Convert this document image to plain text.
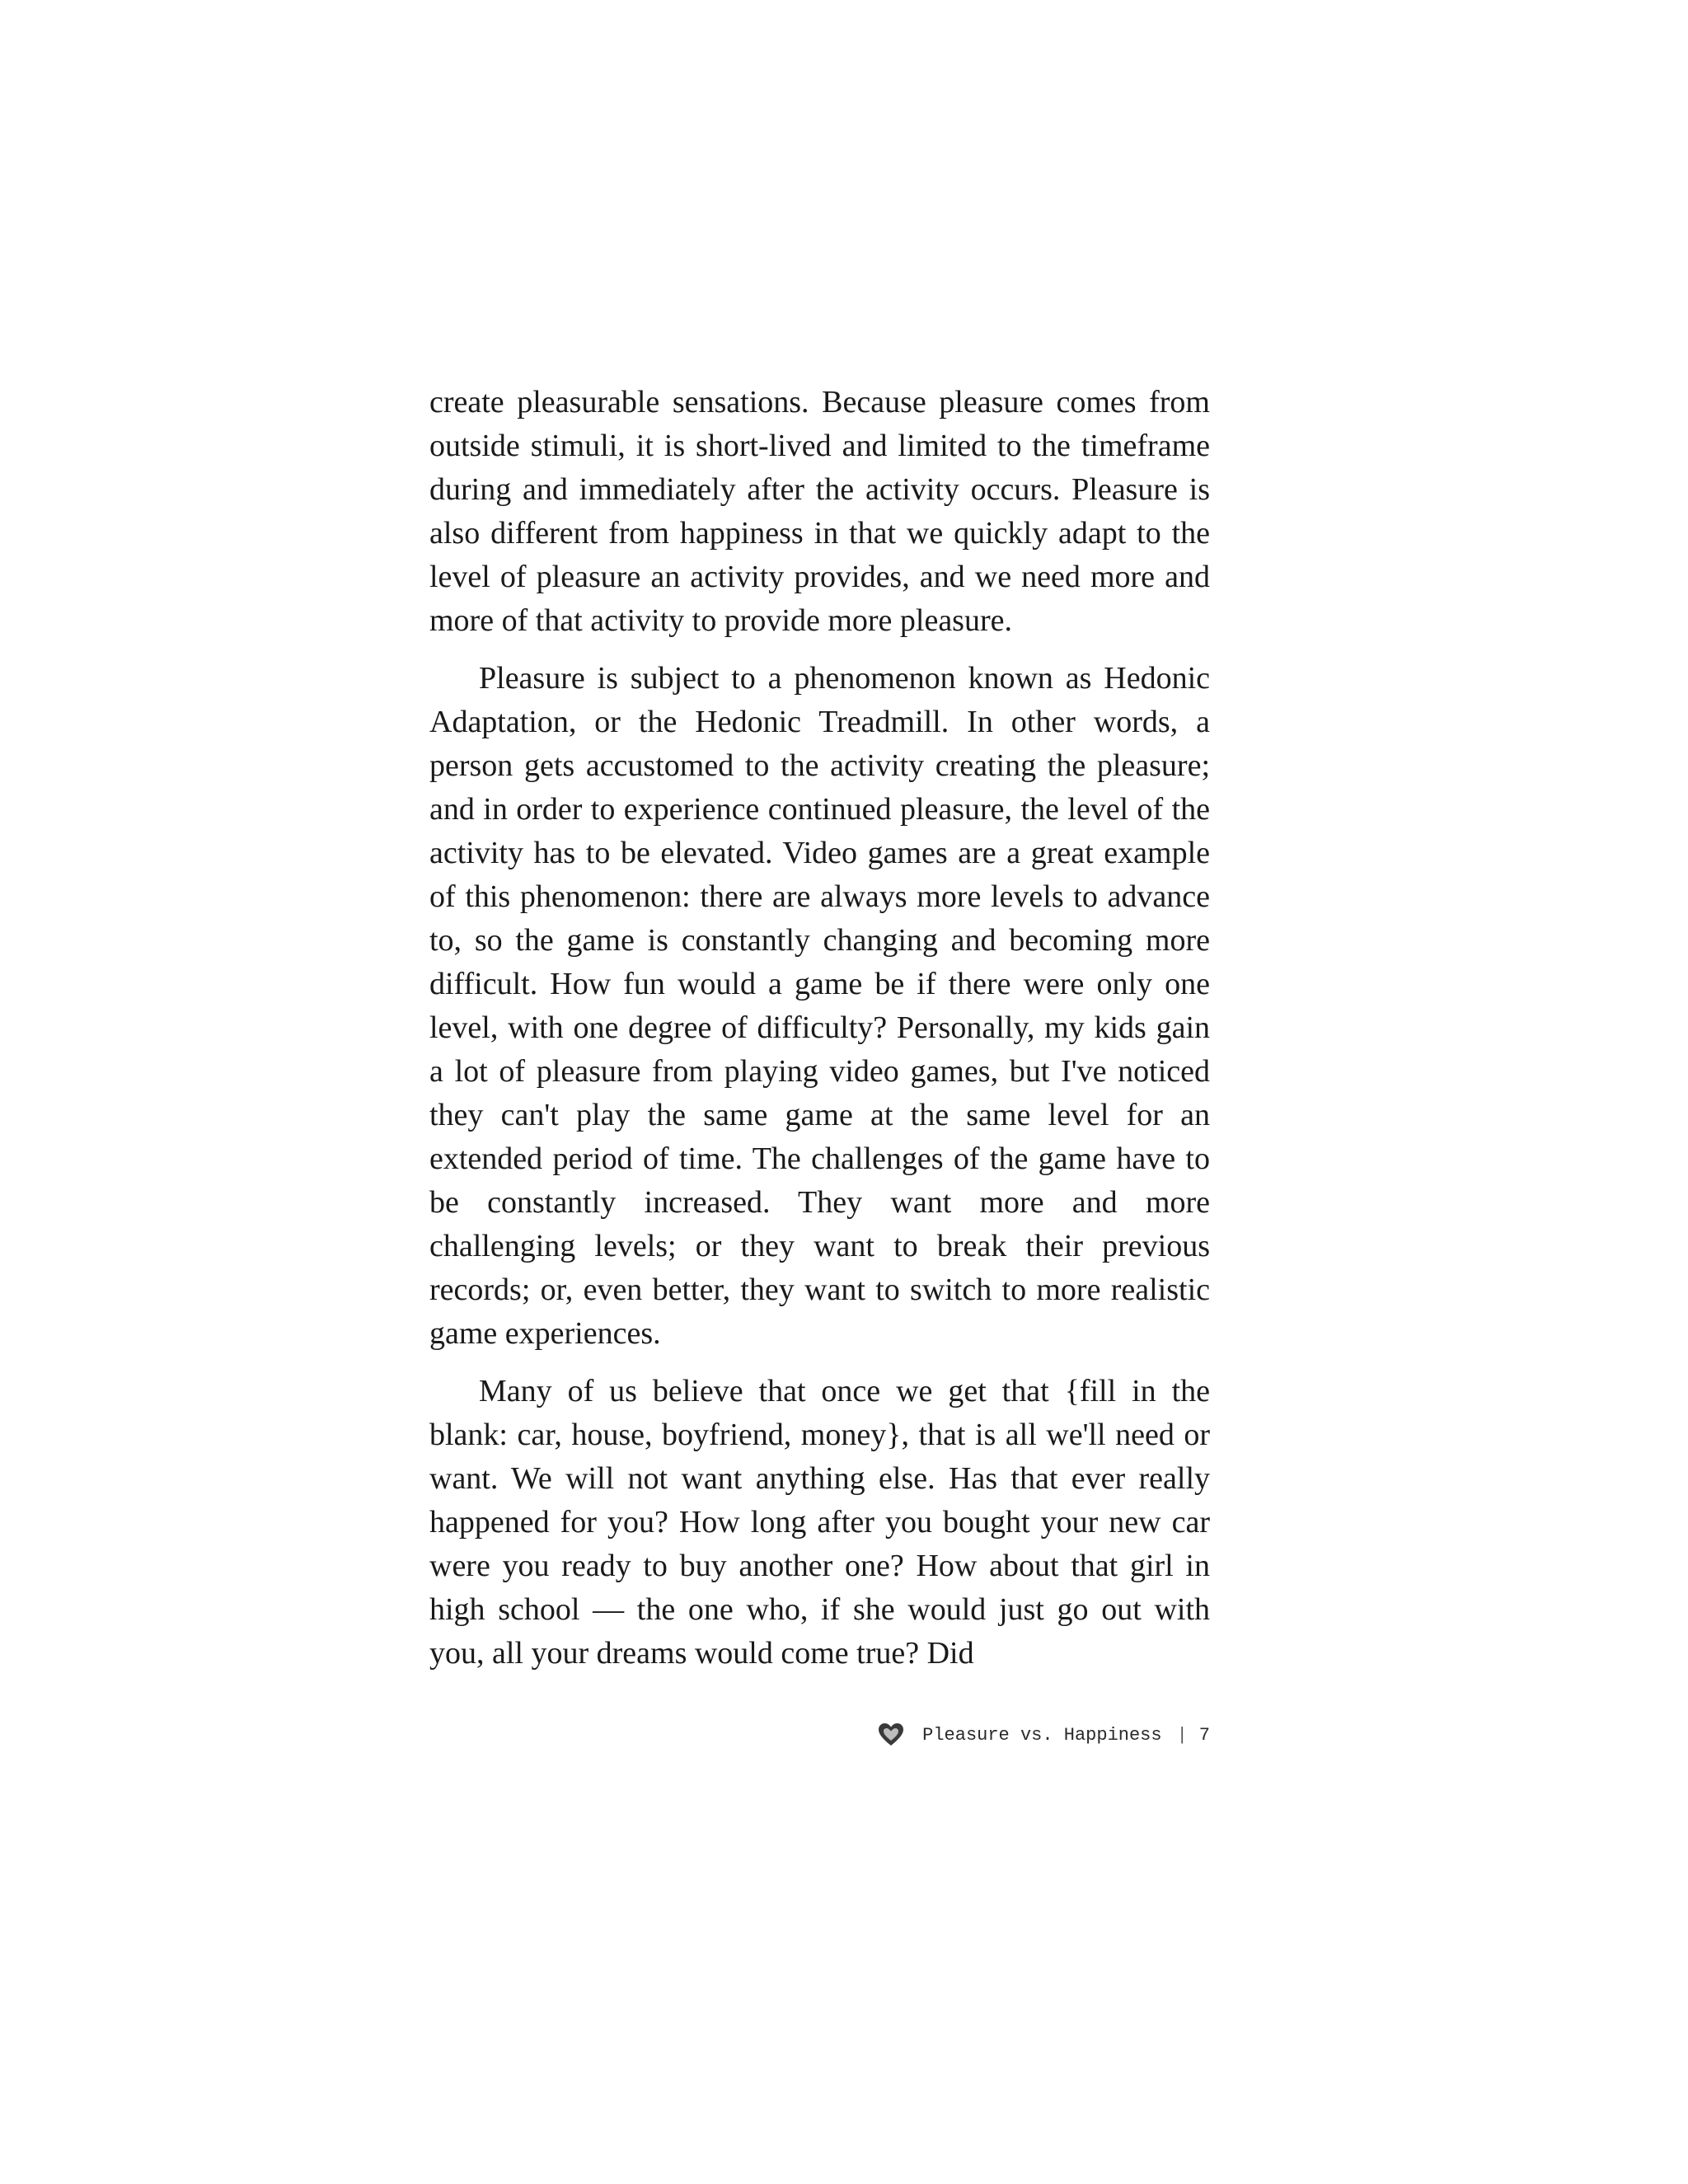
create pleasurable sensations. Because pleasure comes from outside stimuli, it is short-lived and limited to the timeframe during and immediately after the activity occurs. Pleasure is also different from happiness in that we quickly adapt to the level of pleasure an activity provides, and we need more and more of that activity to provide more pleasure.

Pleasure is subject to a phenomenon known as Hedonic Adaptation, or the Hedonic Treadmill. In other words, a person gets accustomed to the activity creating the pleasure; and in order to experience continued pleasure, the level of the activity has to be elevated. Video games are a great example of this phenomenon: there are always more levels to advance to, so the game is constantly changing and becoming more difficult. How fun would a game be if there were only one level, with one degree of difficulty? Personally, my kids gain a lot of pleasure from playing video games, but I've noticed they can't play the same game at the same level for an extended period of time. The challenges of the game have to be constantly increased. They want more and more challenging levels; or they want to break their previous records; or, even better, they want to switch to more realistic game experiences.

Many of us believe that once we get that {fill in the blank: car, house, boyfriend, money}, that is all we'll need or want. We will not want anything else. Has that ever really happened for you? How long after you bought your new car were you ready to buy another one? How about that girl in high school — the one who, if she would just go out with you, all your dreams would come true? Did

Pleasure vs. Happiness | 7
